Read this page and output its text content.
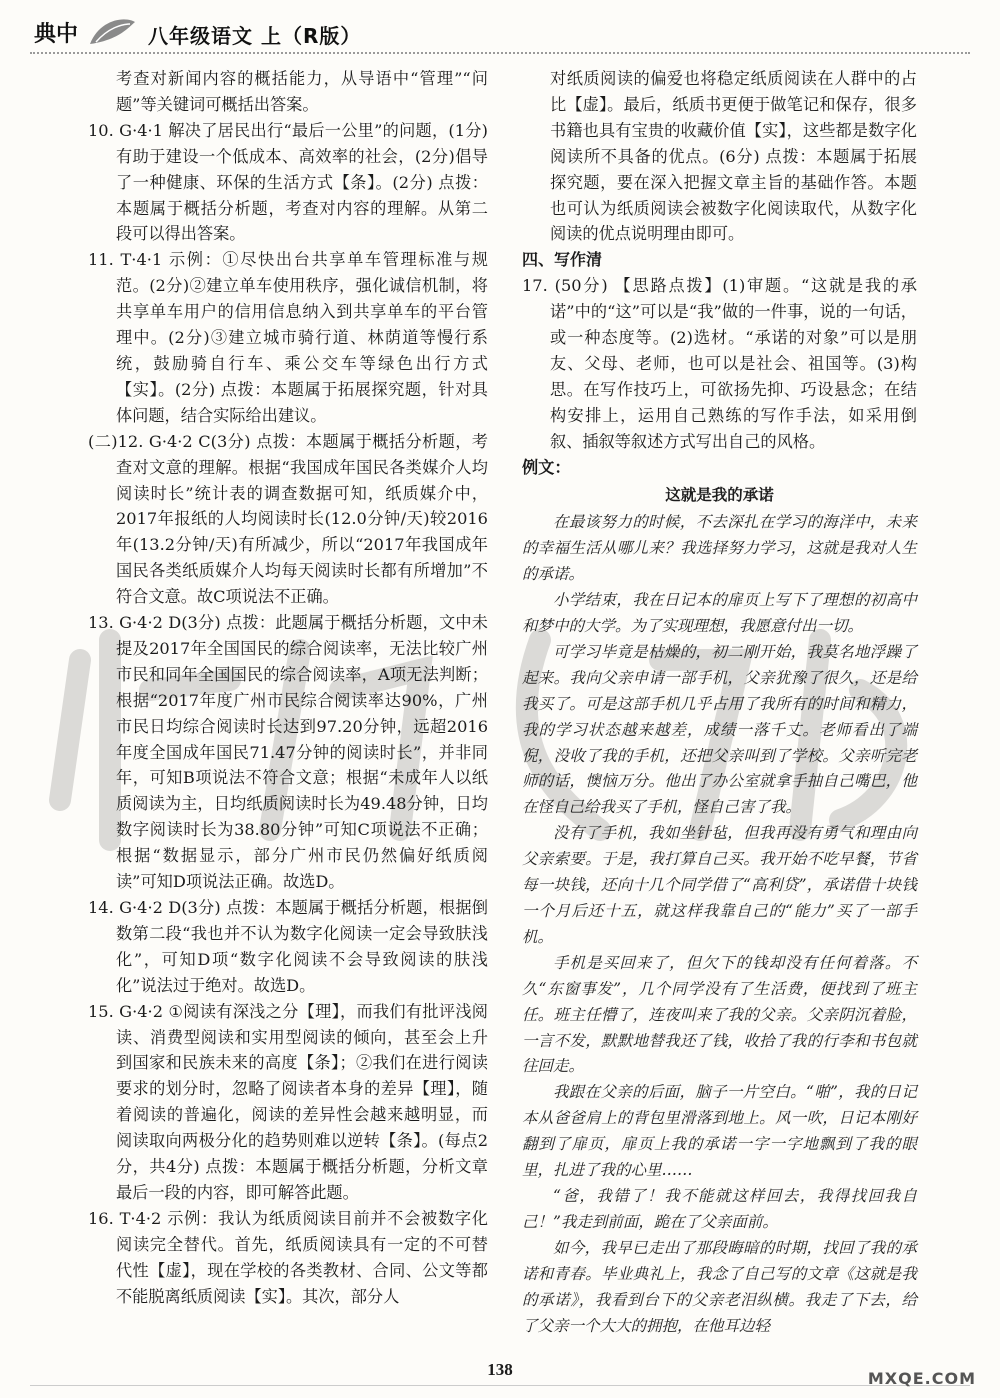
典中	八年级语文 上（R版）
考查对新闻内容的概括能力，从导语中“管理”“问题”等关键词可概括出答案。
10. G·4·1 解决了居民出行“最后一公里”的问题，(1分)有助于建设一个低成本、高效率的社会，(2分)倡导了一种健康、环保的生活方式【条】。(2分) 点拨：本题属于概括分析题，考查对内容的理解。从第二段可以得出答案。
11. T·4·1 示例：①尽快出台共享单车管理标准与规范。(2分)②建立单车使用秩序，强化诚信机制，将共享单车用户的信用信息纳入到共享单车的平台管理中。(2分)③建立城市骑行道、林荫道等慢行系统，鼓励骑自行车、乘公交车等绿色出行方式【实】。(2分) 点拨：本题属于拓展探究题，针对具体问题，结合实际给出建议。
(二)12. G·4·2 C(3分) 点拨：本题属于概括分析题，考查对文意的理解。根据“我国成年国民各类媒介人均阅读时长”统计表的调查数据可知，纸质媒介中，2017年报纸的人均阅读时长(12.0分钟/天)较2016年(13.2分钟/天)有所减少，所以“2017年我国成年国民各类纸质媒介人均每天阅读时长都有所增加”不符合文意。故C项说法不正确。
13. G·4·2 D(3分) 点拨：此题属于概括分析题，文中未提及2017年全国国民的综合阅读率，无法比较广州市民和同年全国国民的综合阅读率，A项无法判断；根据“2017年度广州市民综合阅读率达90%，广州市民日均综合阅读时长达到97.20分钟，远超2016年度全国成年国民71.47分钟的阅读时长”，并非同年，可知B项说法不符合文意；根据“未成年人以纸质阅读为主，日均纸质阅读时长为49.48分钟，日均数字阅读时长为38.80分钟”可知C项说法不正确；根据“数据显示，部分广州市民仍然偏好纸质阅读”可知D项说法正确。故选D。
14. G·4·2 D(3分) 点拨：本题属于概括分析题，根据倒数第二段“我也并不认为数字化阅读一定会导致肤浅化”，可知D项“数字化阅读不会导致阅读的肤浅化”说法过于绝对。故选D。
15. G·4·2 ①阅读有深浅之分【理】，而我们有批评浅阅读、消费型阅读和实用型阅读的倾向，甚至会上升到国家和民族未来的高度【条】；②我们在进行阅读要求的划分时，忽略了阅读者本身的差异【理】，随着阅读的普遍化，阅读的差异性会越来越明显，而阅读取向两极分化的趋势则难以逆转【条】。(每点2分，共4分) 点拨：本题属于概括分析题，分析文章最后一段的内容，即可解答此题。
16. T·4·2 示例：我认为纸质阅读目前并不会被数字化阅读完全替代。首先，纸质阅读具有一定的不可替代性【虚】，现在学校的各类教材、合同、公文等都不能脱离纸质阅读【实】。其次，部分人
对纸质阅读的偏爱也将稳定纸质阅读在人群中的占比【虚】。最后，纸质书更便于做笔记和保存，很多书籍也具有宝贵的收藏价值【实】，这些都是数字化阅读所不具备的优点。(6分) 点拨：本题属于拓展探究题，要在深入把握文章主旨的基础作答。本题也可认为纸质阅读会被数字化阅读取代，从数字化阅读的优点说明理由即可。
四、写作清
17. (50分) 【思路点拨】(1)审题。“这就是我的承诺”中的“这”可以是“我”做的一件事，说的一句话，或一种态度等。(2)选材。“承诺的对象”可以是朋友、父母、老师，也可以是社会、祖国等。(3)构思。在写作技巧上，可欲扬先抑、巧设悬念；在结构安排上，运用自己熟练的写作手法，如采用倒叙、插叙等叙述方式写出自己的风格。
例文：
这就是我的承诺

在最该努力的时候，不去深扎在学习的海洋中，未来的幸福生活从哪儿来？我选择努力学习，这就是我对人生的承诺。

小学结束，我在日记本的扉页上写下了理想的初高中和梦中的大学。为了实现理想，我愿意付出一切。

可学习毕竟是枯燥的，初二刚开始，我莫名地浮躁了起来。我向父亲申请一部手机，父亲犹豫了很久，还是给我买了。可是这部手机几乎占用了我所有的时间和精力，我的学习状态越来越差，成绩一落千丈。老师看出了端倪，没收了我的手机，还把父亲叫到了学校。父亲听完老师的话，懊恼万分。他出了办公室就拿手抽自己嘴巴，他在怪自己给我买了手机，怪自己害了我。

没有了手机，我如坐针毡，但我再没有勇气和理由向父亲索要。于是，我打算自己买。我开始不吃早餐，节省每一块钱，还向十几个同学借了“高利贷”，承诺借十块钱一个月后还十五，就这样我靠自己的“能力”买了一部手机。

手机是买回来了，但欠下的钱却没有任何着落。不久“东窗事发”，几个同学没有了生活费，便找到了班主任。班主任懵了，连夜叫来了我的父亲。父亲阴沉着脸，一言不发，默默地替我还了钱，收拾了我的行李和书包就往回走。

我跟在父亲的后面，脑子一片空白。“啪”，我的日记本从爸爸肩上的背包里滑落到地上。风一吹，日记本刚好翻到了扉页，扉页上我的承诺一字一字地飘到了我的眼里，扎进了我的心里……

“爸，我错了！我不能就这样回去，我得找回我自己！”我走到前面，跪在了父亲面前。

如今，我早已走出了那段晦暗的时期，找回了我的承诺和青春。毕业典礼上，我念了自己写的文章《这就是我的承诺》，我看到台下的父亲老泪纵横。我走了下去，给了父亲一个大大的拥抱，在他耳边轻

138	MXQE.COM
